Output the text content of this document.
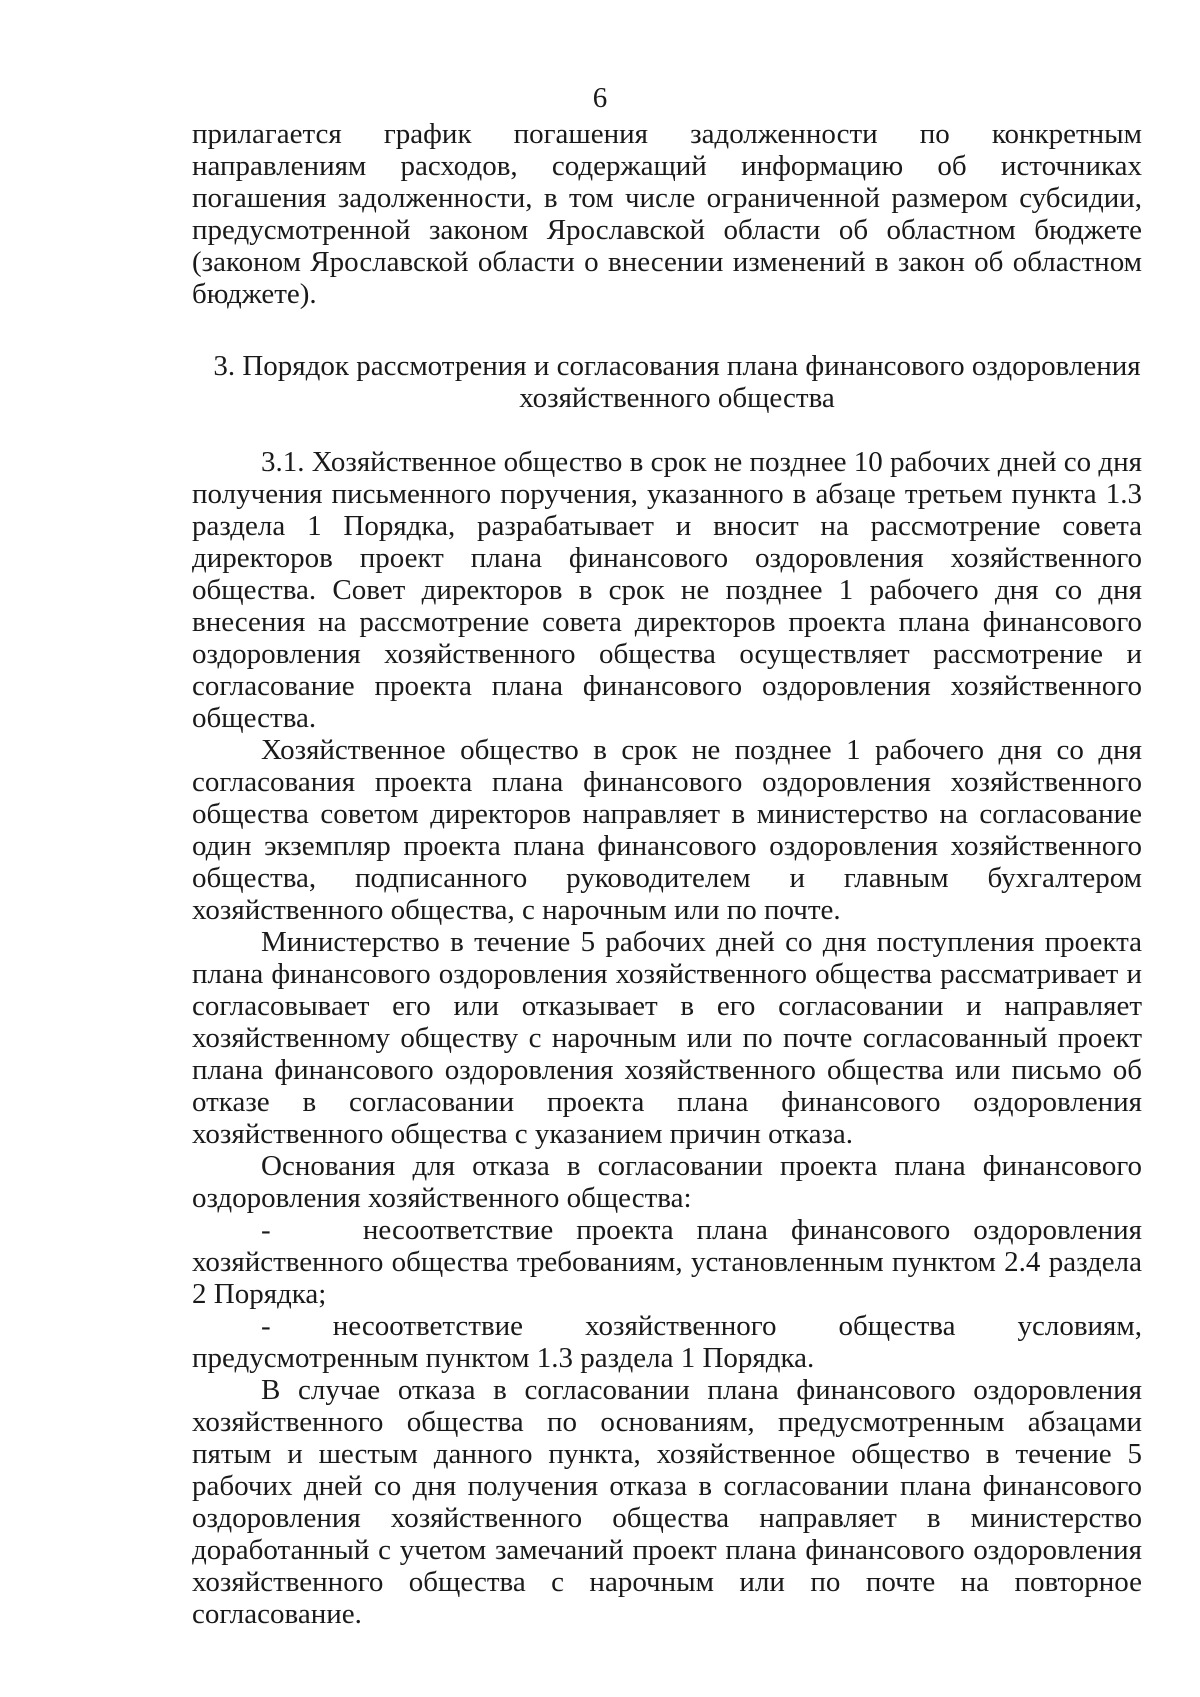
6

прилагается график погашения задолженности по конкретным направлениям расходов, содержащий информацию об источниках погашения задолженности, в том числе ограниченной размером субсидии, предусмотренной законом Ярославской области об областном бюджете (законом Ярославской области о внесении изменений в закон об областном бюджете).

3. Порядок рассмотрения и согласования плана финансового оздоровления
хозяйственного общества

3.1. Хозяйственное общество в срок не позднее 10 рабочих дней со дня получения письменного поручения, указанного в абзаце третьем пункта 1.3 раздела 1 Порядка, разрабатывает и вносит на рассмотрение совета директоров проект плана финансового оздоровления хозяйственного общества. Совет директоров в срок не позднее 1 рабочего дня со дня внесения на рассмотрение совета директоров проекта плана финансового оздоровления хозяйственного общества осуществляет рассмотрение и согласование проекта плана финансового оздоровления хозяйственного общества.

Хозяйственное общество в срок не позднее 1 рабочего дня со дня согласования проекта плана финансового оздоровления хозяйственного общества советом директоров направляет в министерство на согласование один экземпляр проекта плана финансового оздоровления хозяйственного общества, подписанного руководителем и главным бухгалтером хозяйственного общества, с нарочным или по почте.

Министерство в течение 5 рабочих дней со дня поступления проекта плана финансового оздоровления хозяйственного общества рассматривает и согласовывает его или отказывает в его согласовании и направляет хозяйственному обществу с нарочным или по почте согласованный проект плана финансового оздоровления хозяйственного общества или письмо об отказе в согласовании проекта плана финансового оздоровления хозяйственного общества с указанием причин отказа.

Основания для отказа в согласовании проекта плана финансового оздоровления хозяйственного общества:

-    несоответствие проекта плана финансового оздоровления хозяйственного общества требованиям, установленным пунктом 2.4 раздела 2 Порядка;

- несоответствие хозяйственного общества условиям, предусмотренным пунктом 1.3 раздела 1 Порядка.

В случае отказа в согласовании плана финансового оздоровления хозяйственного общества по основаниям, предусмотренным абзацами пятым и шестым данного пункта, хозяйственное общество в течение 5 рабочих дней со дня получения отказа в согласовании плана финансового оздоровления хозяйственного общества направляет в министерство доработанный с учетом замечаний проект плана финансового оздоровления хозяйственного общества с нарочным или по почте на повторное согласование.
